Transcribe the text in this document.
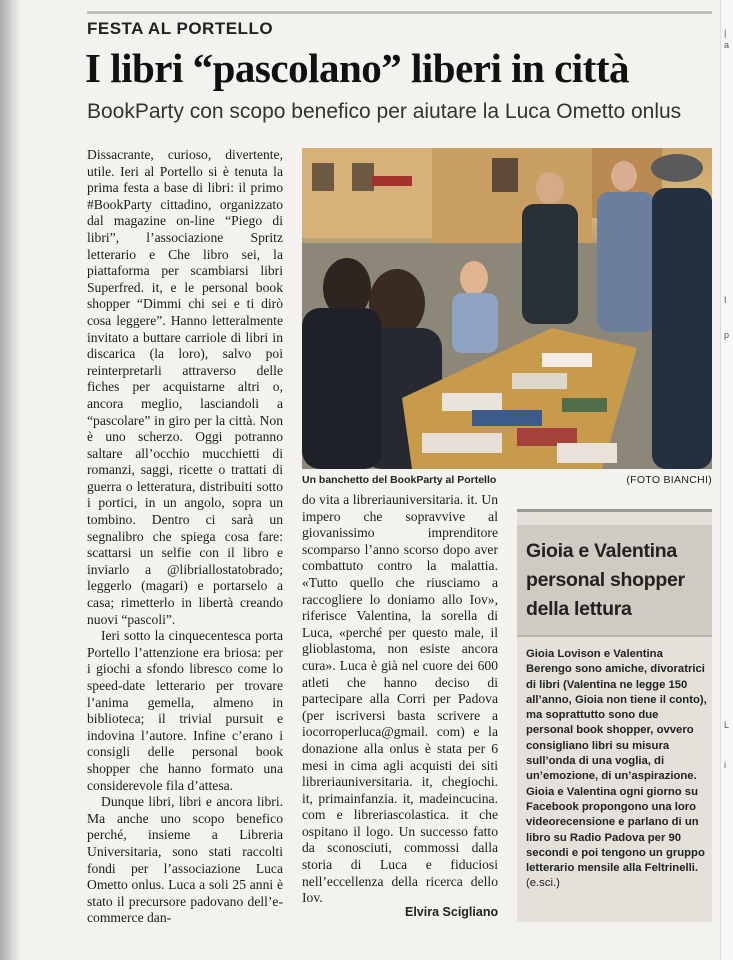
|
a
I
p
L
i
FESTA AL PORTELLO
I libri “pascolano” liberi in città
BookParty con scopo benefico per aiutare la Luca Ometto onlus

Dissacrante, curioso, divertente, utile. Ieri al Portello si è tenuta la prima festa a base di libri: il primo #BookParty cittadino, organizzato dal magazine on-line “Piego di libri”, l’associazione Spritz letterario e Che libro sei, la piattaforma per scambiarsi libri Superfred. it, e le personal book shopper “Dimmi chi sei e ti dirò cosa leggere”. Hanno letteralmente invitato a buttare carriole di libri in discarica (la loro), salvo poi reinterpretarli attraverso delle fiches per acquistarne altri o, ancora meglio, lasciandoli a “pascolare” in giro per la città. Non è uno scherzo. Oggi potranno saltare all’occhio mucchietti di romanzi, saggi, ricette o trattati di guerra o letteratura, distribuiti sotto i portici, in un angolo, sopra un tombino. Dentro ci sarà un segnalibro che spiega cosa fare: scattarsi un selfie con il libro e inviarlo a @libriallostatobrado; leggerlo (magari) e portarselo a casa; rimetterlo in libertà creando nuovi “pascoli”.

Ieri sotto la cinquecentesca porta Portello l’attenzione era briosa: per i giochi a sfondo libresco come lo speed-date letterario per trovare l’anima gemella, almeno in biblioteca; il trivial pursuit e indovina l’autore. Infine c’erano i consigli delle personal book shopper che hanno formato una considerevole fila d’attesa.

Dunque libri, libri e ancora libri. Ma anche uno scopo benefico perché, insieme a Libreria Universitaria, sono stati raccolti fondi per l’associazione Luca Ometto onlus. Luca a soli 25 anni è stato il precursore padovano dell’e-commerce dan-

Un banchetto del BookParty al Portello	(FOTO BIANCHI)

do vita a libreriauniversitaria. it. Un impero che sopravvive al giovanissimo imprenditore scomparso l’anno scorso dopo aver combattuto contro la malattia. «Tutto quello che riusciamo a raccogliere lo doniamo allo Iov», riferisce Valentina, la sorella di Luca, «perché per questo male, il glioblastoma, non esiste ancora cura». Luca è già nel cuore dei 600 atleti che hanno deciso di partecipare alla Corri per Padova (per iscriversi basta scrivere a iocorroperluca@gmail. com) e la donazione alla onlus è stata per 6 mesi in cima agli acquisti dei siti libreriauniversitaria. it, chegiochi. it, primainfanzia. it, madeincucina. com e libreriascolastica. it che ospitano il logo. Un successo fatto da sconosciuti, commossi dalla storia di Luca e fiduciosi nell’eccellenza della ricerca dello Iov.

Elvira Scigliano
Gioia e Valentina personal shopper della lettura
Gioia Lovison e Valentina Berengo sono amiche, divoratrici di libri (Valentina ne legge 150 all’anno, Gioia non tiene il conto), ma soprattutto sono due personal book shopper, ovvero consigliano libri su misura sull’onda di una voglia, di un’emozione, di un’aspirazione. Gioia e Valentina ogni giorno su Facebook propongono una loro videorecensione e parlano di un libro su Radio Padova per 90 secondi e poi tengono un gruppo letterario mensile alla Feltrinelli. (e.sci.)
